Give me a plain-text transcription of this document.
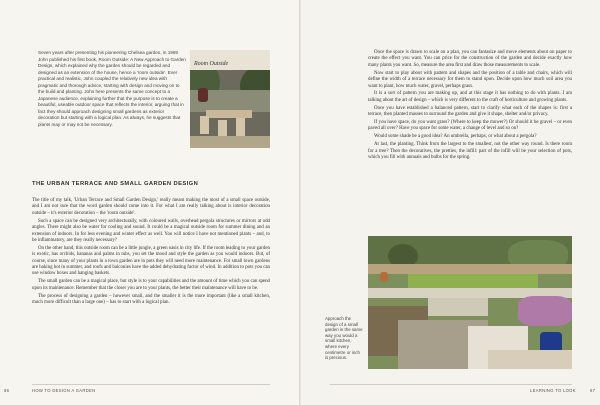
Seven years after presenting his pioneering Chelsea garden, in 1969 John published his first book, Room Outside: A New Approach to Garden Design, which explained why the garden should be regarded and designed as an extension of the house, hence a 'room outside'. Ever practical and realistic, John coupled the relatively new idea with pragmatic and thorough advice, starting with design and moving on to the build and planting. John here presents the same concept to a Japanese audience, explaining further that the purpose is to create a beautiful, useable outdoor space that reflects the interior, arguing that in fact they should approach designing small gardens as exterior decoration but starting with a logical plan. As always, he suggests that plants may or may not be necessary.
Room Outside
THE URBAN TERRACE AND SMALL GARDEN DESIGN

The title of my talk, 'Urban Terrace and Small Garden Design,' really meant making the most of a small space outside, and I am not sure that the word garden should come into it. For what I am really talking about is interior decoration outside – it's exterior decoration – the 'room outside'.

Such a space can be designed very architecturally, with coloured walls, overhead pergola structures or mirrors at odd angles. There might also be water for cooling and sound. It could be a magical outside room for summer dining and an extension of indoors. In for less evening and winter effect as well. You will notice I have not mentioned plants – and, to be inflammatory, are they really necessary?

On the other hand, this outside room can be a little jungle, a green oasis in city life. If the room leading to your garden is exotic, has orchids, bananas and palms in tubs, you set the mood and style the garden as you would indoors. But, of course, since many of your plants in a town garden are in pots they will need more maintenance. For small town gardens are baking hot in summer, and roofs and balconies have the added dehydrating factor of wind. In addition to pots you can use window boxes and hanging baskets.

The small garden can be a magical place, but style is to your capabilities and the amount of time which you can spend upon its maintenance. Remember that the closer you are to your plants, the better their maintenance will have to be.

The process of designing a garden – however small, and the smaller it is the more important (like a small kitchen, much more difficult than a large one) – has to start with a logical plan.

66	HOW TO DESIGN A GARDEN

Once the space is drawn to scale on a plan, you can fantasize and move elements about on paper to create the effect you want. You can price for the construction of the garden and decide exactly how many plants you want. So, measure the area first and draw those measurements to scale.

Now start to play about with pattern and shapes and the position of a table and chairs, which will define the width of a terrace necessary for them to stand upon. Decide upon how much soil area you want to plant, how much water, gravel, perhaps grass.

It is a sort of pattern you are making up, and at this stage it has nothing to do with plants. I am talking about the art of design – which is very different to the craft of horticulture and growing plants.

Once you have established a balanced pattern, start to clarify what each of the shapes is: first a terrace, then planted masses to surround the garden and give it shape, shelter and/or privacy.

If you have space, do you want grass? (Where to keep the mower?) Or should it be gravel – or even paved all over? Have you space for some water, a change of level and so on?

Would some shade be a good idea? An umbrella, perhaps, or what about a pergola?

At last, the planting. Think from the largest to the smallest, not the other way round. Is there room for a tree? Then the decoratives, the pretties, the infill: part of the infill will be your selection of pots, which you fill with annuals and bulbs for the spring.

Approach the design of a small garden in the same way you would a small kitchen, where every centimetre or inch is precious.
LEARNING TO LOOK	67
